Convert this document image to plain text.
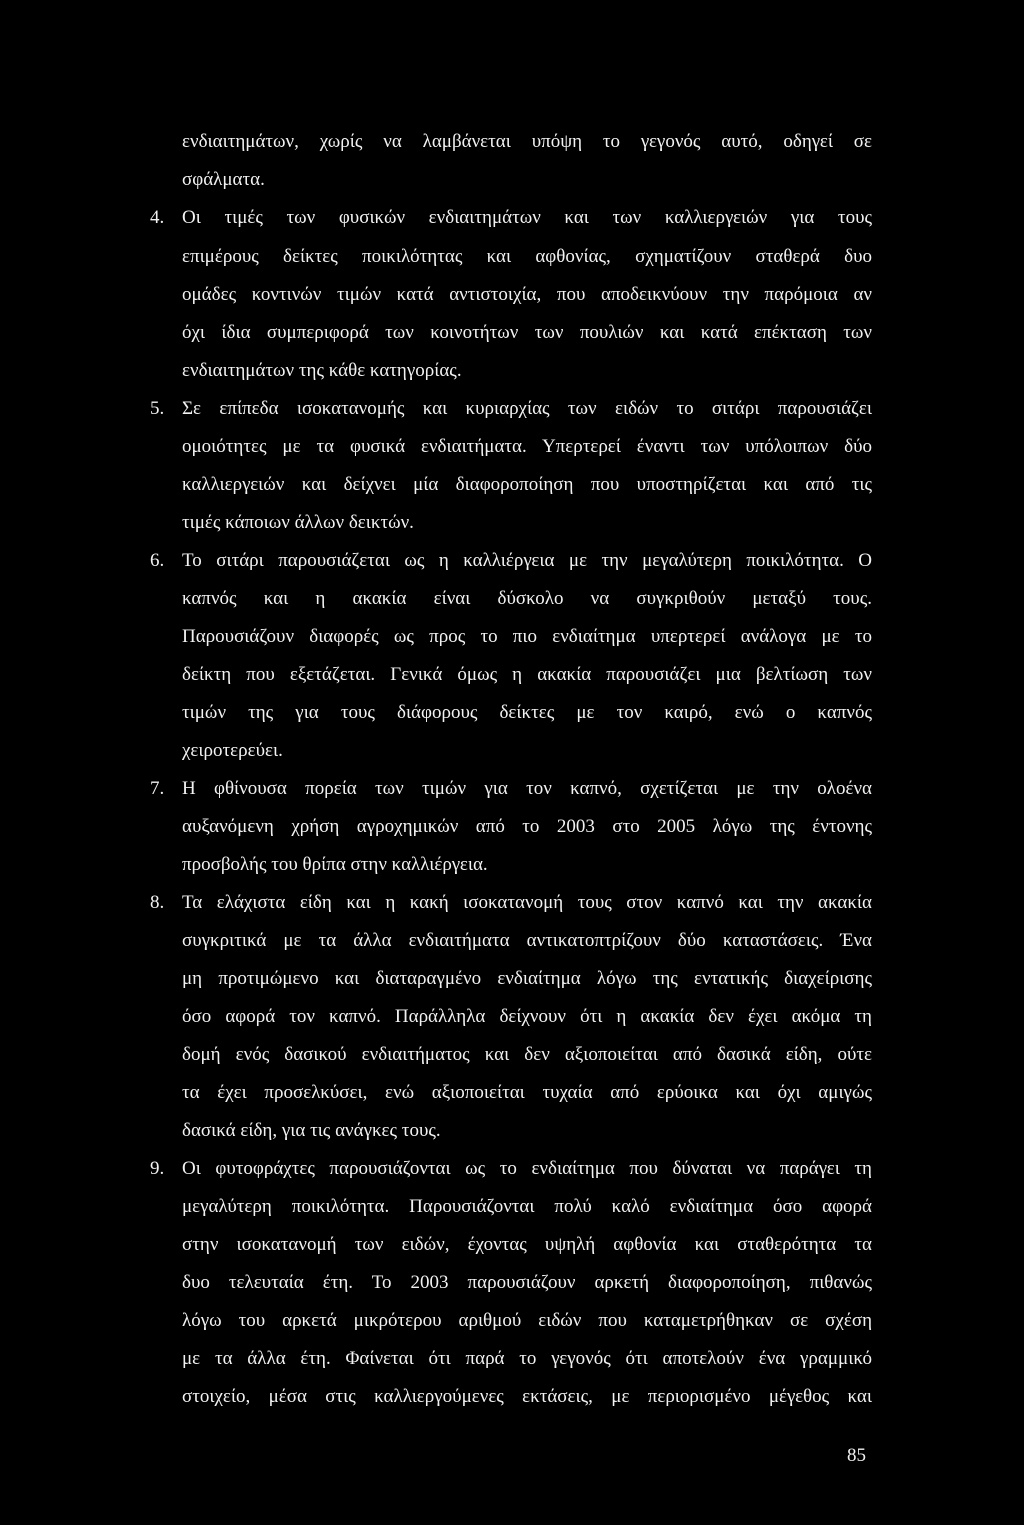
ενδιαιτημάτων, χωρίς να λαμβάνεται υπόψη το γεγονός αυτό, οδηγεί σε
σφάλματα.
4. Οι τιμές των φυσικών ενδιαιτημάτων και των καλλιεργειών για τους
επιμέρους δείκτες ποικιλότητας και αφθονίας, σχηματίζουν σταθερά δυο
ομάδες κοντινών τιμών κατά αντιστοιχία, που αποδεικνύουν την παρόμοια αν
όχι ίδια συμπεριφορά των κοινοτήτων των πουλιών και κατά επέκταση των
ενδιαιτημάτων της κάθε κατηγορίας.
5. Σε επίπεδα ισοκατανομής και κυριαρχίας των ειδών το σιτάρι παρουσιάζει
ομοιότητες με τα φυσικά ενδιαιτήματα. Υπερτερεί έναντι των υπόλοιπων δύο
καλλιεργειών και δείχνει μία διαφοροποίηση που υποστηρίζεται και από τις
τιμές κάποιων άλλων δεικτών.
6. Το σιτάρι παρουσιάζεται ως η καλλιέργεια με την μεγαλύτερη ποικιλότητα. Ο
καπνός και η ακακία είναι δύσκολο να συγκριθούν μεταξύ τους.
Παρουσιάζουν διαφορές ως προς το πιο ενδιαίτημα υπερτερεί ανάλογα με το
δείκτη που εξετάζεται. Γενικά όμως η ακακία παρουσιάζει μια βελτίωση των
τιμών της για τους διάφορους δείκτες με τον καιρό, ενώ ο καπνός
χειροτερεύει.
7. Η φθίνουσα πορεία των τιμών για τον καπνό, σχετίζεται με την ολοένα
αυξανόμενη χρήση αγροχημικών από το 2003 στο 2005 λόγω της έντονης
προσβολής του θρίπα στην καλλιέργεια.
8. Τα ελάχιστα είδη και η κακή ισοκατανομή τους στον καπνό και την ακακία
συγκριτικά με τα άλλα ενδιαιτήματα αντικατοπτρίζουν δύο καταστάσεις. Ένα
μη προτιμώμενο και διαταραγμένο ενδιαίτημα λόγω της εντατικής διαχείρισης
όσο αφορά τον καπνό. Παράλληλα δείχνουν ότι η ακακία δεν έχει ακόμα τη
δομή ενός δασικού ενδιαιτήματος και δεν αξιοποιείται από δασικά είδη, ούτε
τα έχει προσελκύσει, ενώ αξιοποιείται τυχαία από ερύοικα και όχι αμιγώς
δασικά είδη, για τις ανάγκες τους.
9. Οι φυτοφράχτες παρουσιάζονται ως το ενδιαίτημα που δύναται να παράγει τη
μεγαλύτερη ποικιλότητα. Παρουσιάζονται πολύ καλό ενδιαίτημα όσο αφορά
στην ισοκατανομή των ειδών, έχοντας υψηλή αφθονία και σταθερότητα τα
δυο τελευταία έτη. Το 2003 παρουσιάζουν αρκετή διαφοροποίηση, πιθανώς
λόγω του αρκετά μικρότερου αριθμού ειδών που καταμετρήθηκαν σε σχέση
με τα άλλα έτη. Φαίνεται ότι παρά το γεγονός ότι αποτελούν ένα γραμμικό
στοιχείο, μέσα στις καλλιεργούμενες εκτάσεις, με περιορισμένο μέγεθος και
85
